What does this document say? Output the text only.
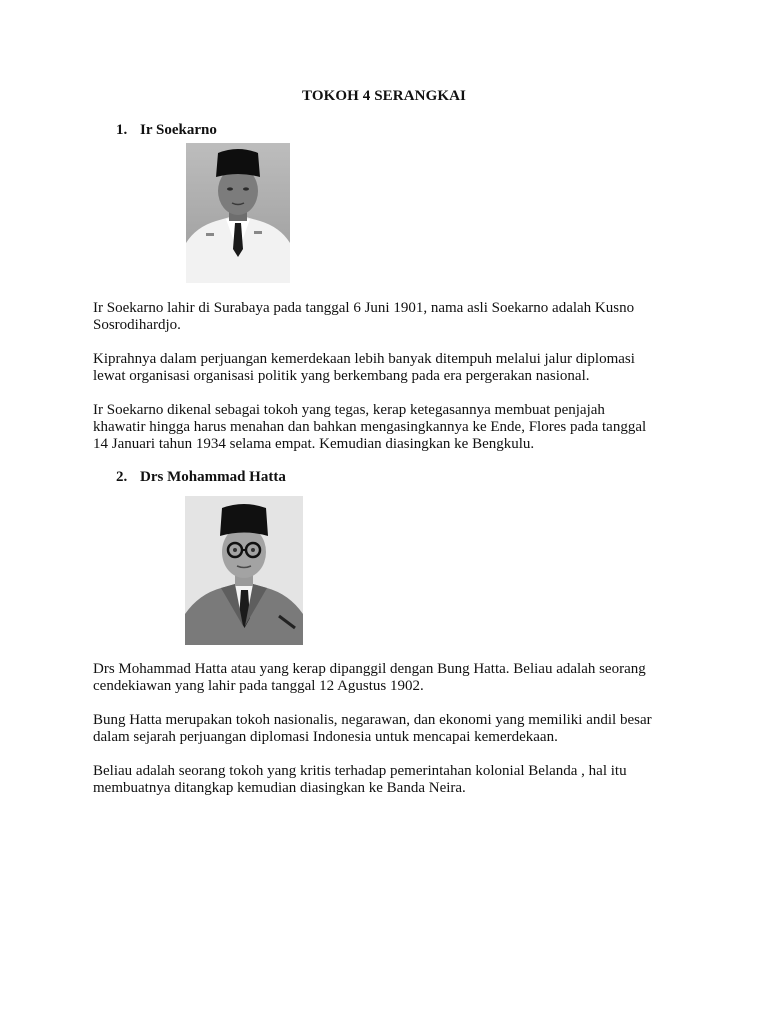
TOKOH 4 SERANGKAI
1. Ir Soekarno
Ir Soekarno lahir di Surabaya pada tanggal 6 Juni 1901, nama asli Soekarno adalah Kusno
Sosrodihardjo.
Kiprahnya dalam perjuangan kemerdekaan lebih banyak ditempuh melalui jalur diplomasi
lewat organisasi organisasi politik yang berkembang pada era pergerakan nasional.
Ir Soekarno dikenal sebagai tokoh yang tegas, kerap ketegasannya membuat penjajah
khawatir hingga harus menahan dan bahkan mengasingkannya ke Ende, Flores pada tanggal
14 Januari tahun 1934 selama empat. Kemudian diasingkan ke Bengkulu.
2. Drs Mohammad Hatta
Drs Mohammad Hatta atau yang kerap dipanggil dengan Bung Hatta. Beliau adalah seorang
cendekiawan yang lahir pada tanggal 12 Agustus 1902.
Bung Hatta merupakan tokoh nasionalis, negarawan, dan ekonomi yang memiliki andil besar
dalam sejarah perjuangan diplomasi Indonesia untuk mencapai kemerdekaan.
Beliau adalah seorang tokoh yang kritis terhadap pemerintahan kolonial Belanda , hal itu
membuatnya ditangkap kemudian diasingkan ke Banda Neira.
